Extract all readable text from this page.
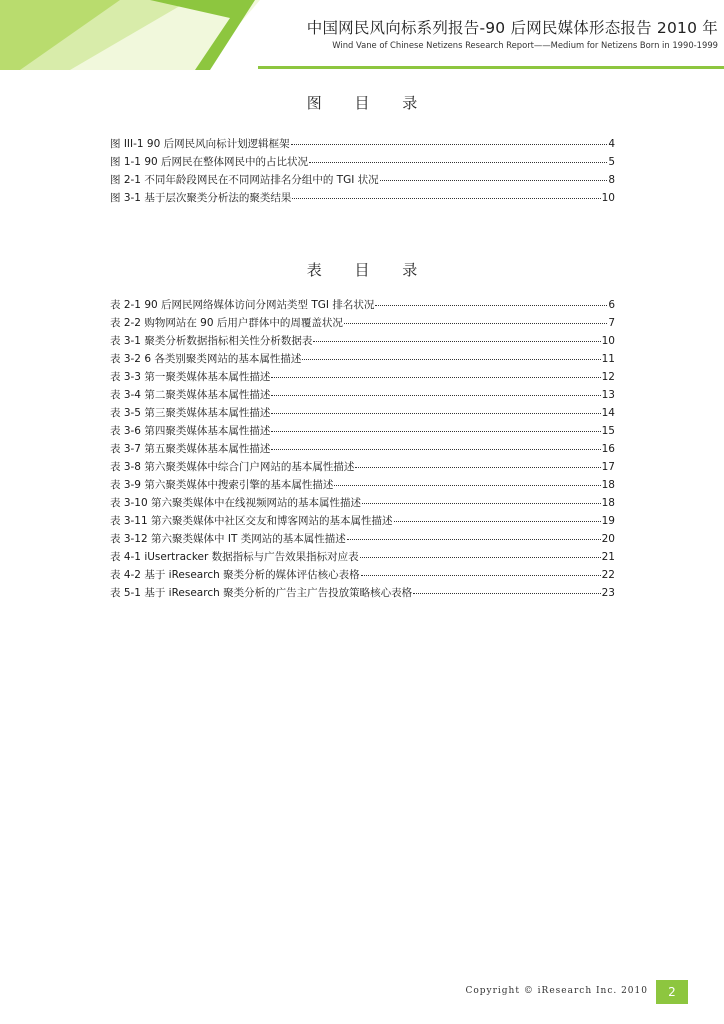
中国网民风向标系列报告-90 后网民媒体形态报告 2010 年
Wind Vane of Chinese Netizens Research Report——Medium for Netizens Born in 1990-1999
图 目 录
图 III-1 90 后网民风向标计划逻辑框架	4
图 1-1 90 后网民在整体网民中的占比状况	5
图 2-1 不同年龄段网民在不同网站排名分组中的 TGI 状况	8
图 3-1 基于层次聚类分析法的聚类结果	10
表 目 录
表 2-1 90 后网民网络媒体访问分网站类型 TGI 排名状况	6
表 2-2 购物网站在 90 后用户群体中的周覆盖状况	7
表 3-1 聚类分析数据指标相关性分析数据表	10
表 3-2 6 各类别聚类网站的基本属性描述	11
表 3-3 第一聚类媒体基本属性描述	12
表 3-4 第二聚类媒体基本属性描述	13
表 3-5 第三聚类媒体基本属性描述	14
表 3-6 第四聚类媒体基本属性描述	15
表 3-7 第五聚类媒体基本属性描述	16
表 3-8 第六聚类媒体中综合门户网站的基本属性描述	17
表 3-9 第六聚类媒体中搜索引擎的基本属性描述	18
表 3-10 第六聚类媒体中在线视频网站的基本属性描述	18
表 3-11 第六聚类媒体中社区交友和博客网站的基本属性描述	19
表 3-12 第六聚类媒体中 IT 类网站的基本属性描述	20
表 4-1 iUsertracker 数据指标与广告效果指标对应表	21
表 4-2 基于 iResearch 聚类分析的媒体评估核心表格	22
表 5-1 基于 iResearch 聚类分析的广告主广告投放策略核心表格	23
Copyright © iResearch Inc. 2010	2
